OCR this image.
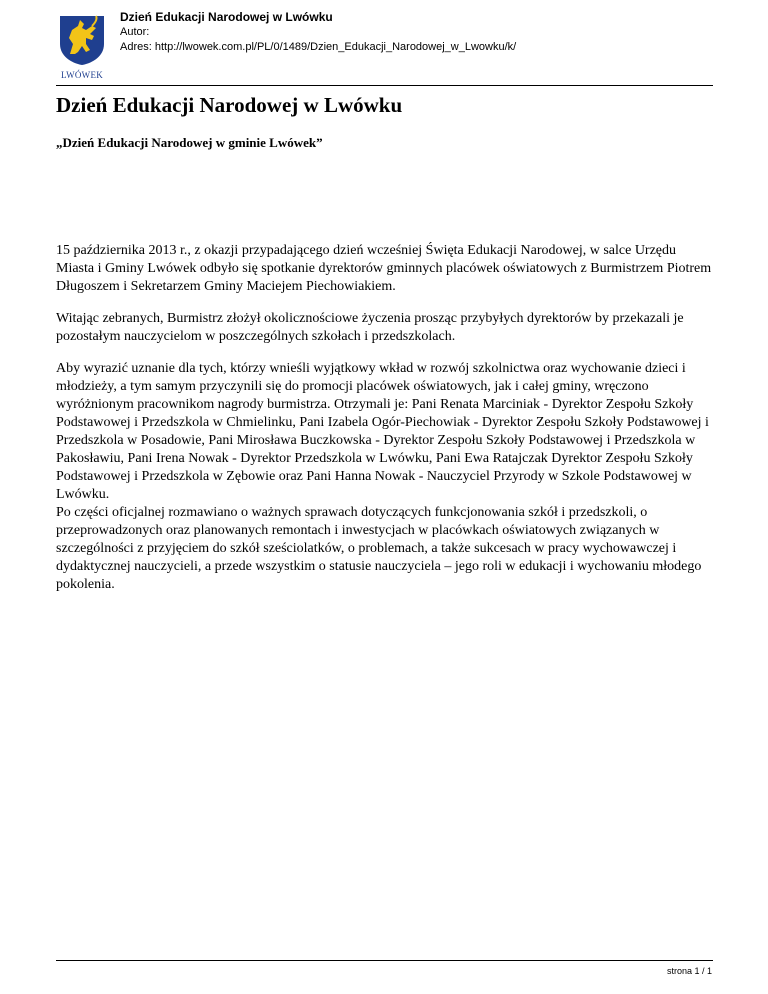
LWÓWEK
Dzień Edukacji Narodowej w Lwówku
Autor:
Adres: http://lwowek.com.pl/PL/0/1489/Dzien_Edukacji_Narodowej_w_Lwowku/k/
Dzień Edukacji Narodowej w Lwówku
„Dzień Edukacji Narodowej w gminie Lwówek”

15 października 2013 r., z okazji przypadającego dzień wcześniej Święta Edukacji Narodowej, w salce Urzędu Miasta i Gminy Lwówek odbyło się spotkanie dyrektorów gminnych placówek oświatowych z Burmistrzem Piotrem Długoszem i Sekretarzem Gminy Maciejem Piechowiakiem.

Witając zebranych, Burmistrz złożył okolicznościowe życzenia prosząc przybyłych dyrektorów by przekazali je pozostałym nauczycielom w poszczególnych szkołach i przedszkolach.

Aby wyrazić uznanie dla tych, którzy wnieśli wyjątkowy wkład w rozwój szkolnictwa oraz wychowanie dzieci i młodzieży, a tym samym przyczynili się do promocji placówek oświatowych, jak i całej gminy, wręczono wyróżnionym pracownikom nagrody burmistrza. Otrzymali je: Pani Renata Marciniak - Dyrektor Zespołu Szkoły Podstawowej i Przedszkola w Chmielinku, Pani Izabela Ogór-Piechowiak - Dyrektor Zespołu Szkoły Podstawowej i Przedszkola w Posadowie, Pani Mirosława Buczkowska - Dyrektor Zespołu Szkoły Podstawowej i Przedszkola w Pakosławiu, Pani Irena Nowak - Dyrektor Przedszkola w Lwówku, Pani Ewa Ratajczak Dyrektor Zespołu Szkoły Podstawowej i Przedszkola w Zębowie oraz Pani Hanna Nowak - Nauczyciel Przyrody w Szkole Podstawowej w Lwówku.

Po części oficjalnej rozmawiano o ważnych sprawach dotyczących funkcjonowania szkół i przedszkoli, o przeprowadzonych oraz planowanych remontach i inwestycjach w placówkach oświatowych związanych w szczególności z przyjęciem do szkół sześciolatków, o problemach, a także sukcesach w pracy wychowawczej i dydaktycznej nauczycieli, a przede wszystkim o statusie nauczyciela – jego roli w edukacji i wychowaniu młodego pokolenia.

strona 1 / 1
